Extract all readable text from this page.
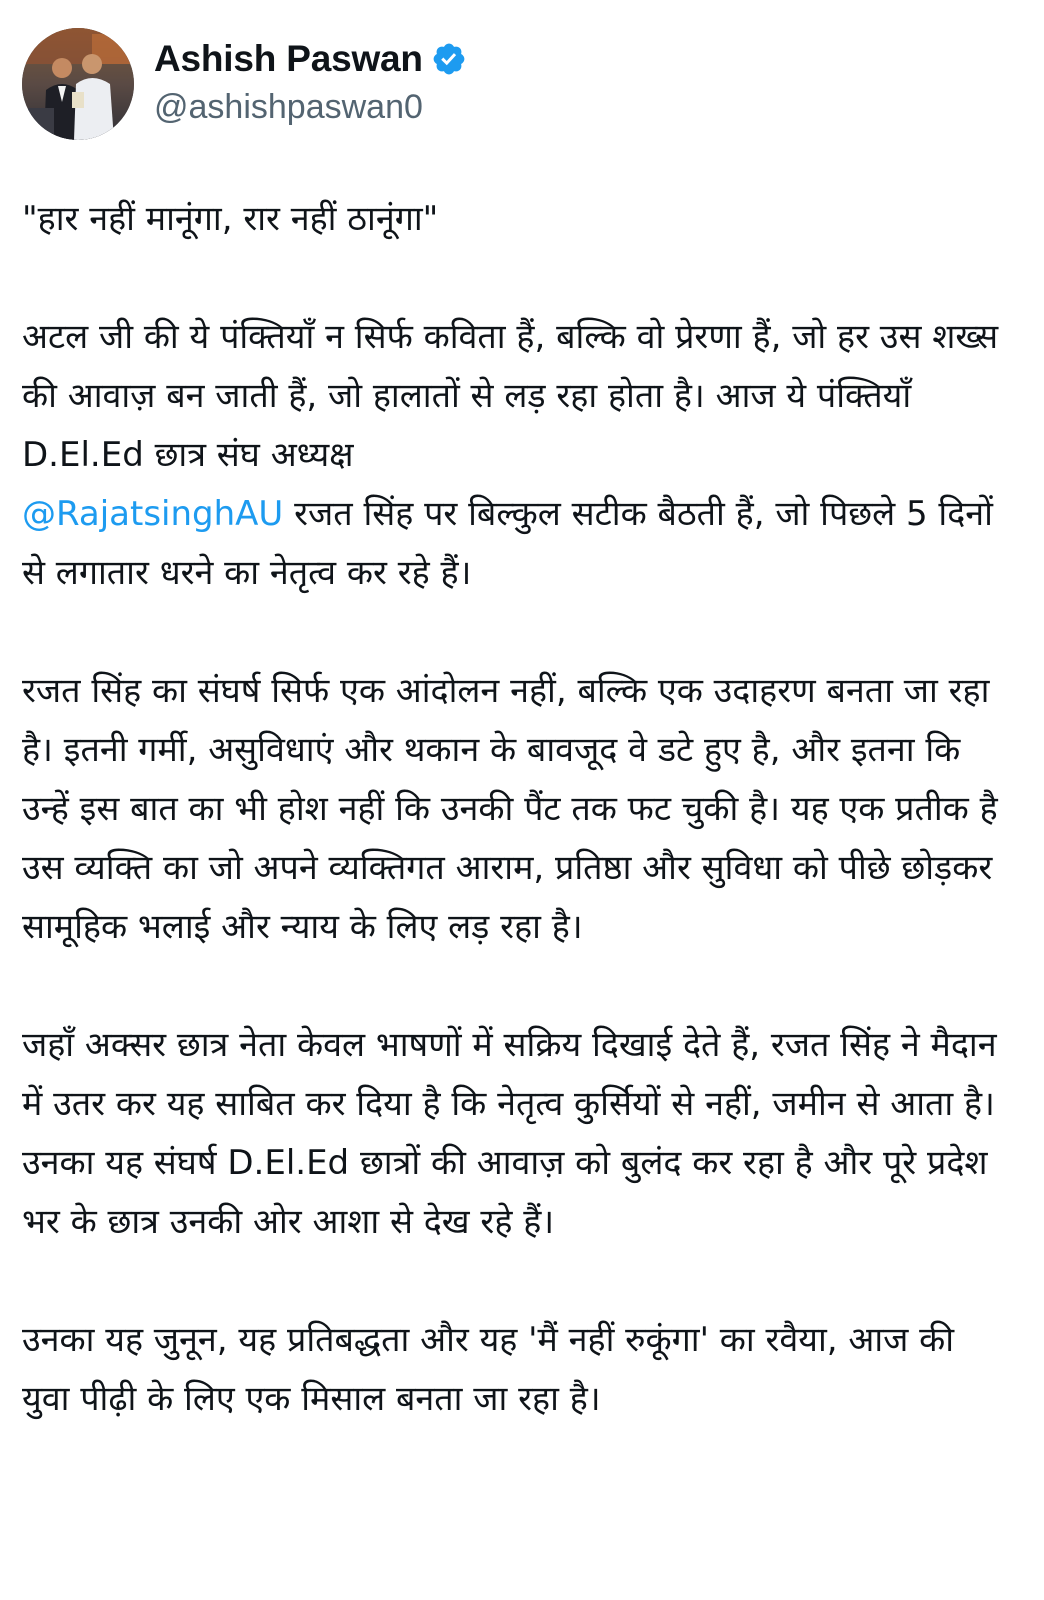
Ashish Paswan
@ashishpaswan0

"हार नहीं मानूंगा, रार नहीं ठानूंगा"

अटल जी की ये पंक्तियाँ न सिर्फ कविता हैं, बल्कि वो प्रेरणा हैं, जो हर उस शख्स की आवाज़ बन जाती हैं, जो हालातों से लड़ रहा होता है। आज ये पंक्तियाँ D.El.Ed छात्र संघ अध्यक्ष
@RajatsinghAU रजत सिंह पर बिल्कुल सटीक बैठती हैं, जो पिछले 5 दिनों से लगातार धरने का नेतृत्व कर रहे हैं।

रजत सिंह का संघर्ष सिर्फ एक आंदोलन नहीं, बल्कि एक उदाहरण बनता जा रहा है। इतनी गर्मी, असुविधाएं और थकान के बावजूद वे डटे हुए है, और इतना कि उन्हें इस बात का भी होश नहीं कि उनकी पैंट तक फट चुकी है। यह एक प्रतीक है उस व्यक्ति का जो अपने व्यक्तिगत आराम, प्रतिष्ठा और सुविधा को पीछे छोड़कर सामूहिक भलाई और न्याय के लिए लड़ रहा है।

जहाँ अक्सर छात्र नेता केवल भाषणों में सक्रिय दिखाई देते हैं, रजत सिंह ने मैदान में उतर कर यह साबित कर दिया है कि नेतृत्व कुर्सियों से नहीं, जमीन से आता है। उनका यह संघर्ष D.El.Ed छात्रों की आवाज़ को बुलंद कर रहा है और पूरे प्रदेश भर के छात्र उनकी ओर आशा से देख रहे हैं।

उनका यह जुनून, यह प्रतिबद्धता और यह 'मैं नहीं रुकूंगा' का रवैया, आज की युवा पीढ़ी के लिए एक मिसाल बनता जा रहा है।
